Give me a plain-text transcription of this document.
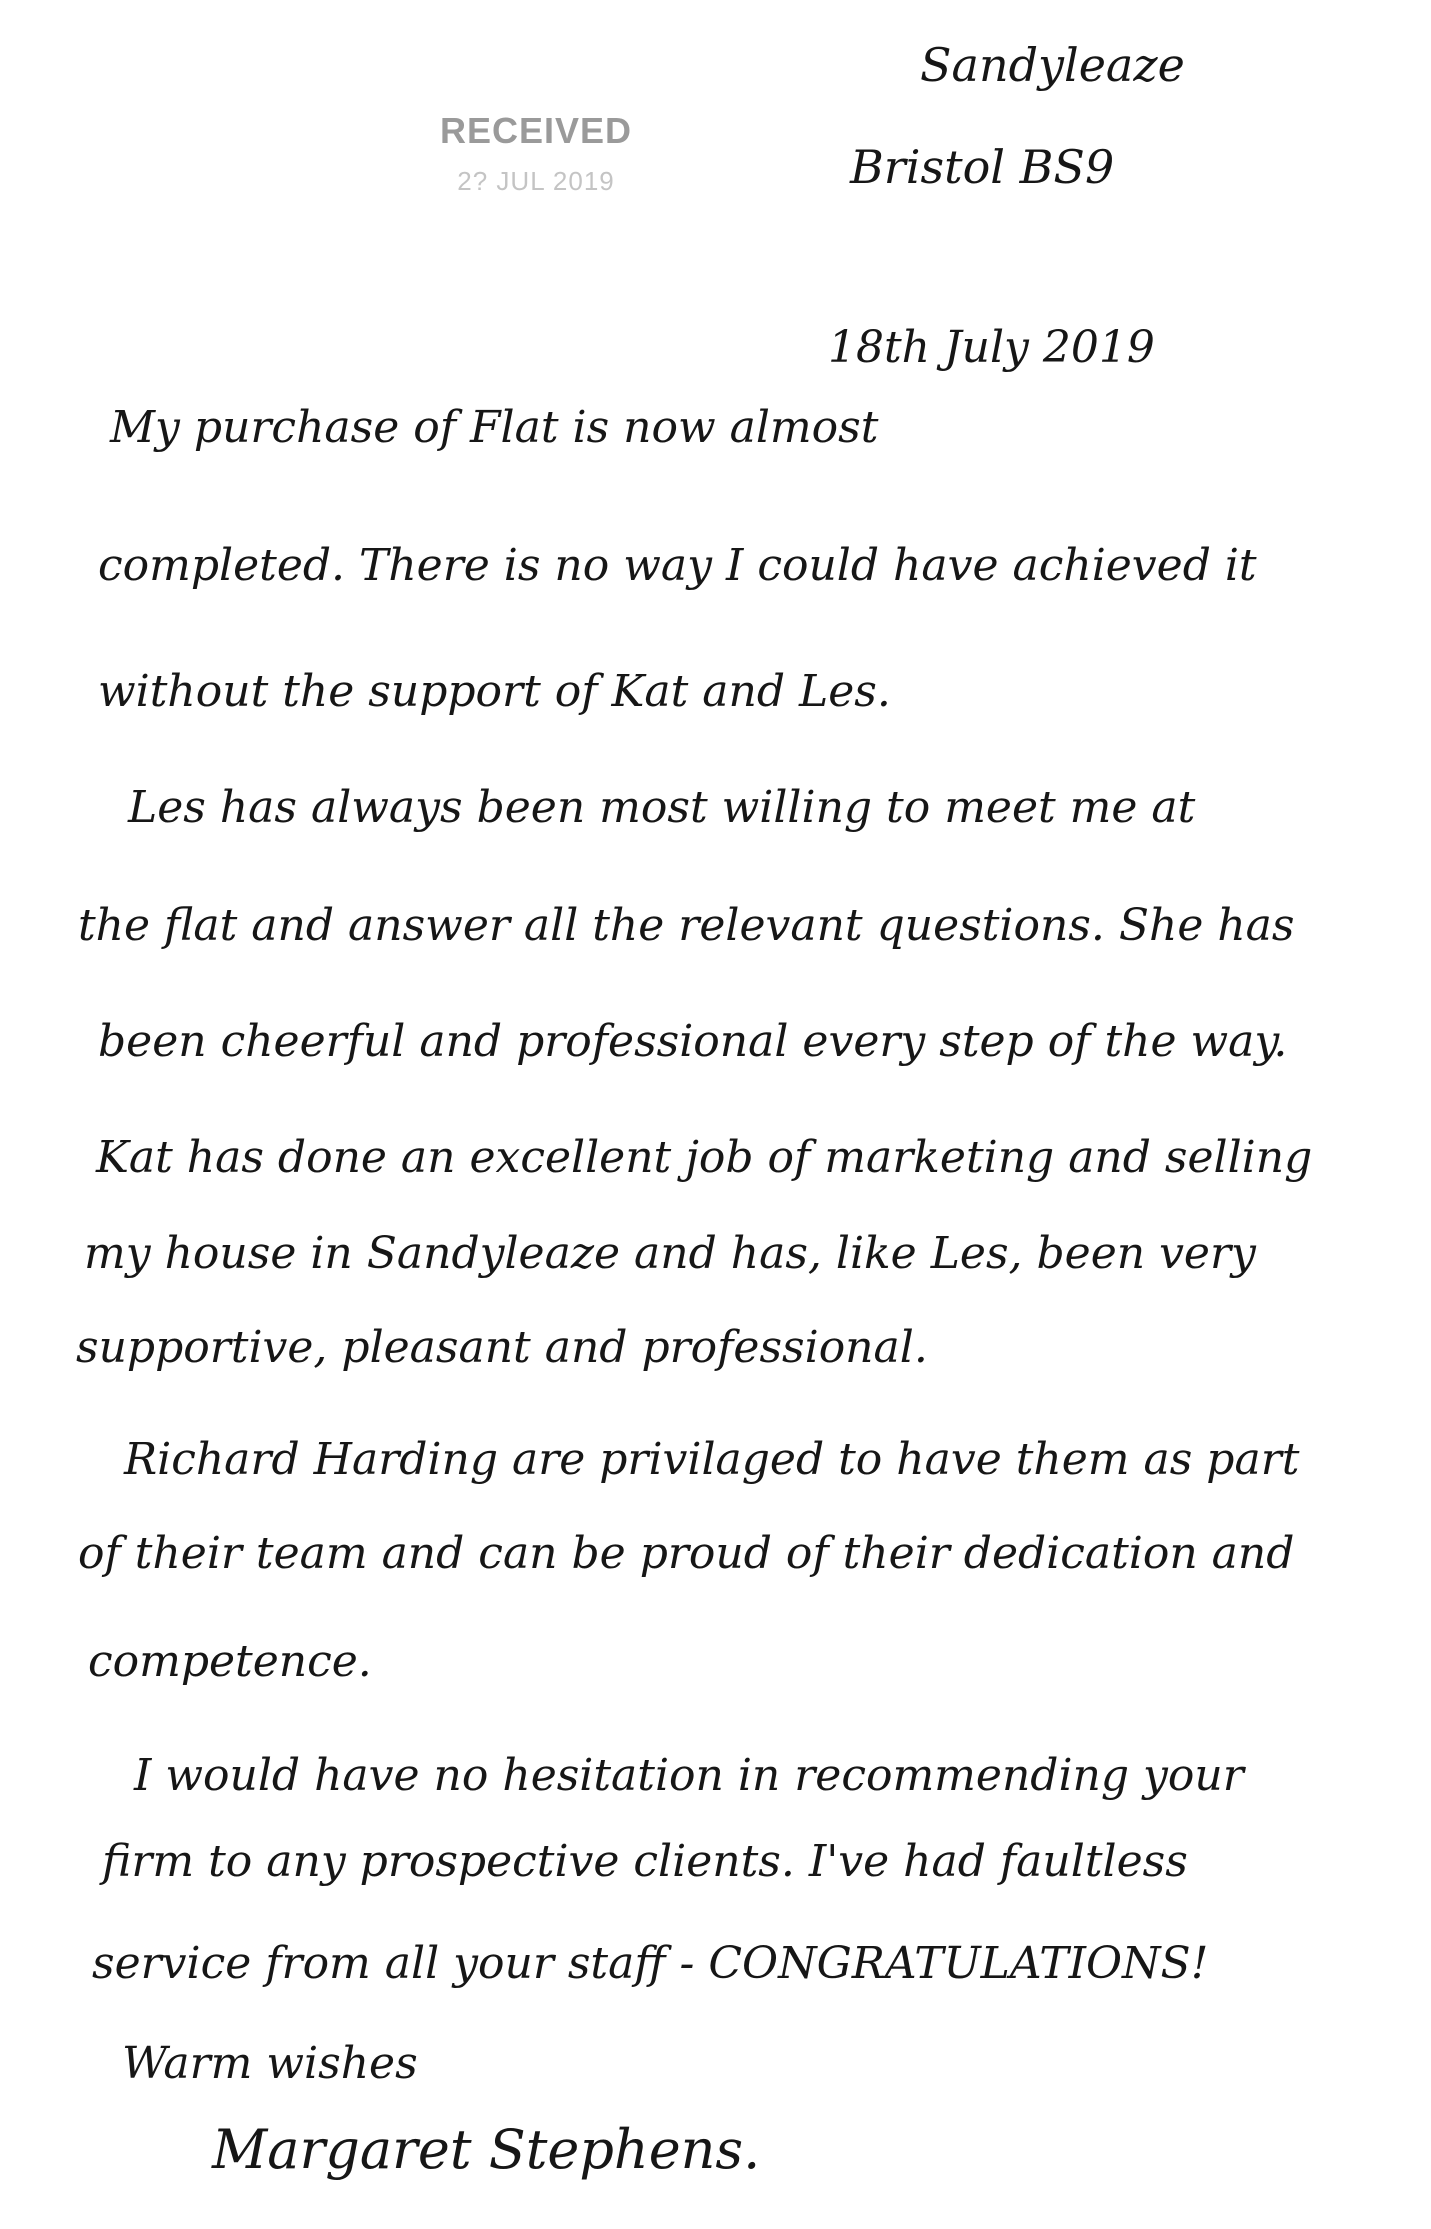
RECEIVED
2? JUL 2019
Sandyleaze
Bristol BS9
18th July 2019
My purchase of Flat is now almost
completed. There is no way I could have achieved it
without the support of Kat and Les.
Les has always been most willing to meet me at
the flat and answer all the relevant questions. She has
been cheerful and professional every step of the way.
Kat has done an excellent job of marketing and selling
my house in Sandyleaze and has, like Les, been very
supportive, pleasant and professional.
Richard Harding are privilaged to have them as part
of their team and can be proud of their dedication and
competence.
I would have no hesitation in recommending your
firm to any prospective clients. I've had faultless
service from all your staff - CONGRATULATIONS!
Warm wishes
Margaret Stephens.
